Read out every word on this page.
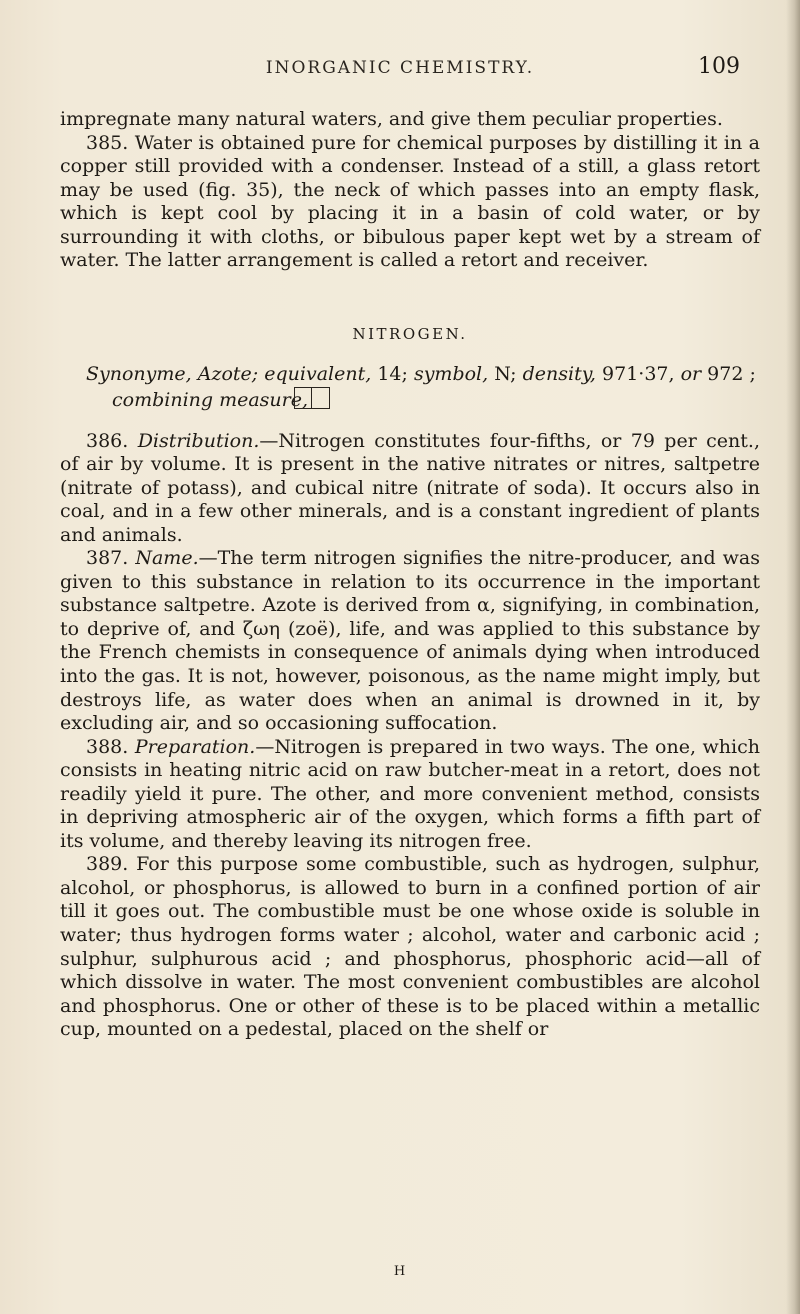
INORGANIC CHEMISTRY.	109

impregnate many natural waters, and give them peculiar properties.

385. Water is obtained pure for chemical purposes by distilling it in a copper still provided with a condenser. Instead of a still, a glass retort may be used (fig. 35), the neck of which passes into an empty flask, which is kept cool by placing it in a basin of cold water, or by surrounding it with cloths, or bibulous paper kept wet by a stream of water. The latter arrangement is called a retort and receiver.

NITROGEN.

Synonyme, Azote; equivalent, 14; symbol, N; density, 971·37, or 972 ; combining measure,

386. Distribution.—Nitrogen constitutes four-fifths, or 79 per cent., of air by volume. It is present in the native nitrates or nitres, saltpetre (nitrate of potass), and cubical nitre (nitrate of soda). It occurs also in coal, and in a few other minerals, and is a constant ingredient of plants and animals.

387. Name.—The term nitrogen signifies the nitre-producer, and was given to this substance in relation to its occurrence in the important substance saltpetre. Azote is derived from α, signifying, in combination, to deprive of, and ζωη (zoë), life, and was applied to this substance by the French chemists in consequence of animals dying when introduced into the gas. It is not, however, poisonous, as the name might imply, but destroys life, as water does when an animal is drowned in it, by excluding air, and so occasioning suffocation.

388. Preparation.—Nitrogen is prepared in two ways. The one, which consists in heating nitric acid on raw butcher-meat in a retort, does not readily yield it pure. The other, and more convenient method, consists in depriving atmospheric air of the oxygen, which forms a fifth part of its volume, and thereby leaving its nitrogen free.

389. For this purpose some combustible, such as hydrogen, sulphur, alcohol, or phosphorus, is allowed to burn in a confined portion of air till it goes out. The combustible must be one whose oxide is soluble in water; thus hydrogen forms water ; alcohol, water and carbonic acid ; sulphur, sulphurous acid ; and phosphorus, phosphoric acid—all of which dissolve in water. The most convenient combustibles are alcohol and phosphorus. One or other of these is to be placed within a metallic cup, mounted on a pedestal, placed on the shelf or

H
